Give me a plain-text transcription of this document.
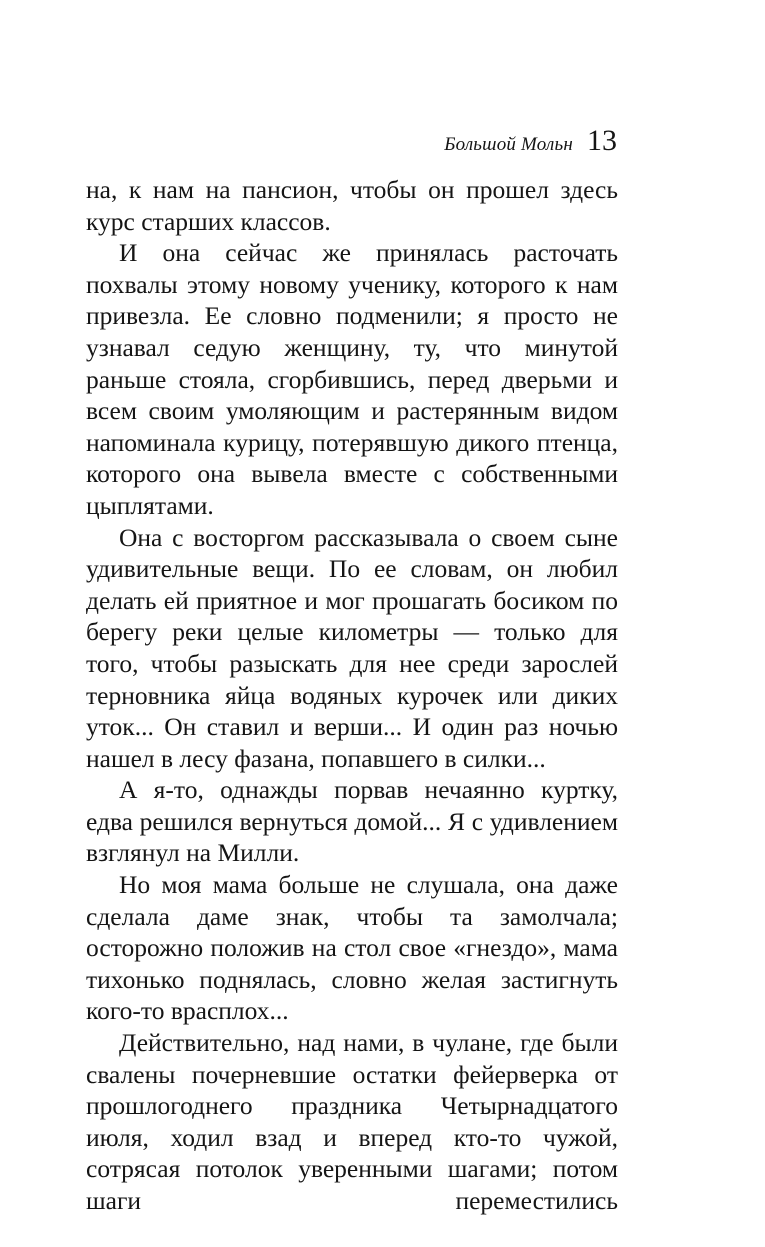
Большой Мольн 13

на, к нам на пансион, чтобы он прошел здесь курс старших классов.

И она сейчас же принялась расточать похвалы этому новому ученику, которого к нам привезла. Ее словно подменили; я просто не узнавал седую женщину, ту, что минутой раньше стояла, сгорбившись, перед дверьми и всем своим умоляющим и растерянным видом напоминала курицу, потерявшую дикого птенца, которого она вывела вместе с собственными цыплятами.

Она с восторгом рассказывала о своем сыне удивительные вещи. По ее словам, он любил делать ей приятное и мог прошагать босиком по берегу реки целые километры — только для того, чтобы разыскать для нее среди зарослей терновника яйца водяных курочек или диких уток... Он ставил и верши... И один раз ночью нашел в лесу фазана, попавшего в силки...

А я-то, однажды порвав нечаянно куртку, едва решился вернуться домой... Я с удивлением взглянул на Милли.

Но моя мама больше не слушала, она даже сделала даме знак, чтобы та замолчала; осторожно положив на стол свое «гнездо», мама тихонько поднялась, словно желая застигнуть кого-то врасплох...

Действительно, над нами, в чулане, где были свалены почерневшие остатки фейерверка от прошлогоднего праздника Четырнадцатого июля, ходил взад и вперед кто-то чужой, сотрясая потолок уверенными шагами; потом шаги переместились
